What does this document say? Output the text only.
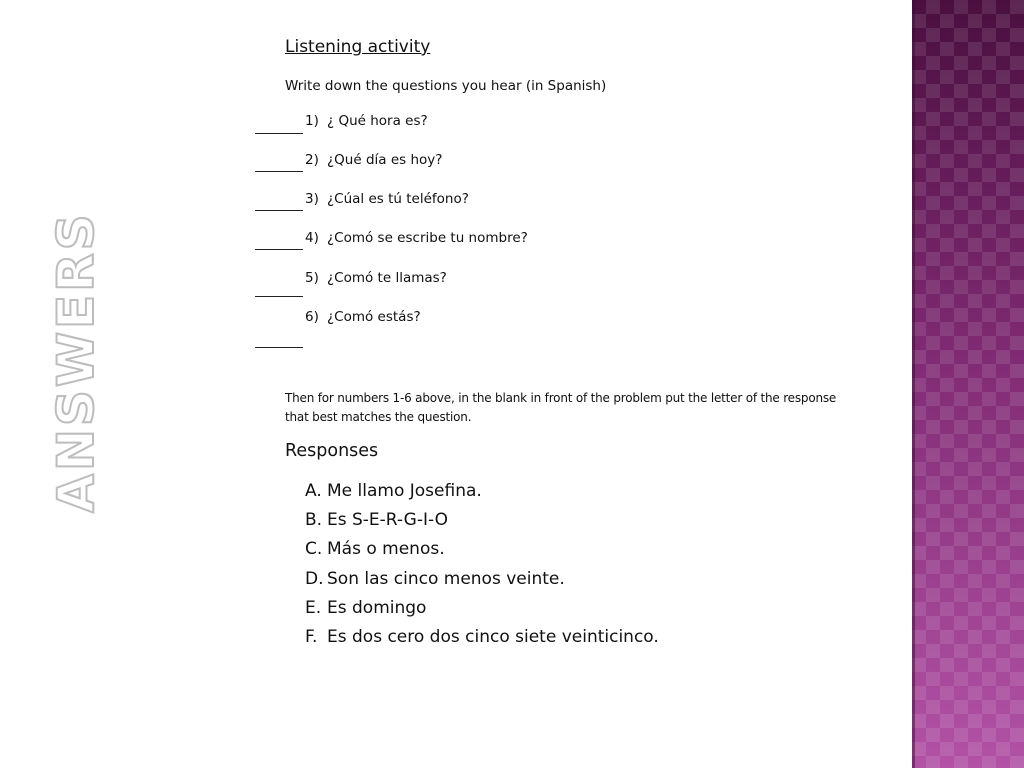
Listening activity
Write down the questions you hear (in Spanish)
1) ¿ Qué hora es?
2) ¿Qué día es hoy?
3) ¿Cúal es tú teléfono?
4) ¿Comó se escribe tu nombre?
5) ¿Comó te llamas?
6) ¿Comó estás?
Then for numbers 1-6 above, in the blank in front of the problem put the letter of the response that best matches the question.
Responses
A. Me llamo Josefina.
B. Es S-E-R-G-I-O
C. Más o menos.
D. Son las cinco menos veinte.
E. Es domingo
F. Es dos cero dos cinco siete veinticinco.
ANSWERS
